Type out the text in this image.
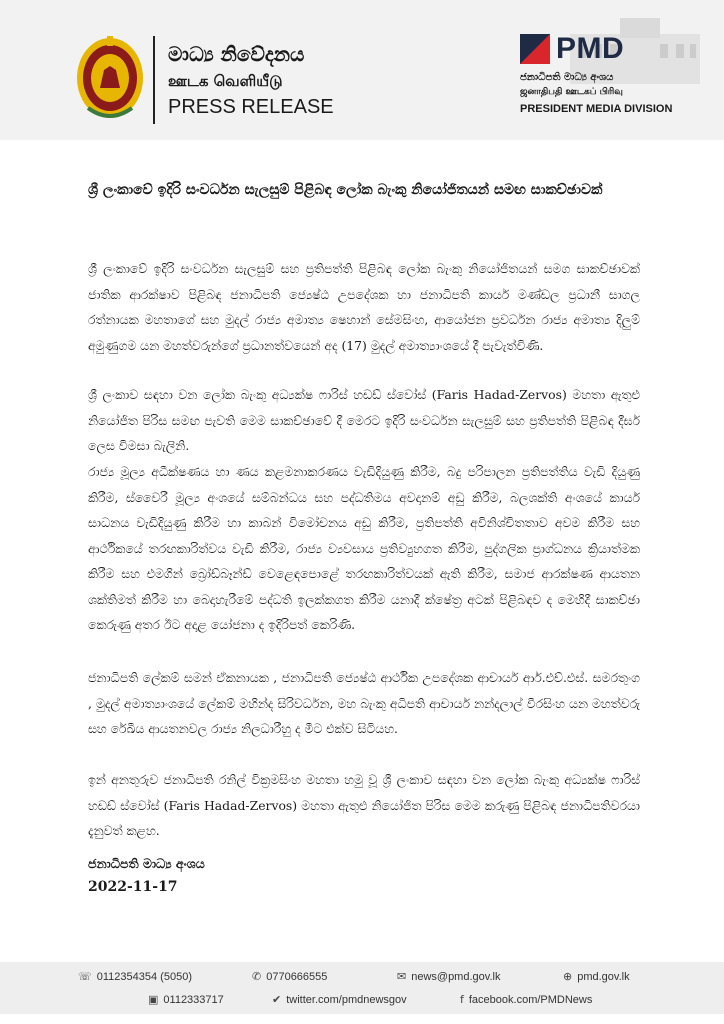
මාධ්‍ය නිවේදනය
ஊடக வெளியீடு
PRESS RELEASE
PMD
ජනාධිපති මාධ්‍ය අංශය
ஜனாதிபதி ஊடகப் பிரிவு
PRESIDENT MEDIA DIVISION
ශ්‍රී ලංකාවේ ඉදිරි සංවර්ධන සැලසුම් පිළිබඳ ලෝක බැංකු නියෝජිතයන් සමඟ සාකච්ඡාවක්

ශ්‍රී ලංකාවේ ඉදිරි සංවර්ධන සැලසුම් සහ ප්‍රතිපත්ති පිළිබඳ ලෝක බැංකු නියෝජිතයන් සමග සාකච්ඡාවක් ජාතික ආරක්ෂාව පිළිබඳ ජනාධිපති ජ්‍යෙෂ්ඨ උපදේශක හා ජනාධිපති කාර්ය මණ්ඩල ප්‍රධානී සාගල රත්නායක මහතාගේ සහ මුදල් රාජ්‍ය අමාත්‍ය ෂෙහාන් සේමසිංහ, ආයෝජන ප්‍රවර්ධන රාජ්‍ය අමාත්‍ය දිලුම් අමුණුගම යන මහත්වරුන්ගේ ප්‍රධානත්වයෙන් අද (17) මුදල් අමාත්‍යාංශයේ දී පැවැත්විණි.

ශ්‍රී ලංකාව සඳහා වන ලෝක බැංකු අධ්‍යක්ෂ ෆාරිස් හඩඩ් ස්වෝස් (Faris Hadad-Zervos) මහතා ඇතුළු නියෝජිත පිරිස සමඟ පැවති මෙම සාකච්ඡාවේ දී මෙරට ඉදිරි සංවර්ධන සැලසුම් සහ ප්‍රතිපත්ති පිළිබඳ දීර්ඝ ලෙස විමසා බැලිනි.

රාජ්‍ය මූල්‍ය අධීක්ෂණය හා ණය කළමනාකරණය වැඩිදියුණු කිරීම, බදු පරිපාලන ප්‍රතිපත්තිය වැඩි දියුණු කිරීම, ස්වෛරී මූල්‍ය අංශයේ සම්බන්ධය සහ පද්ධතිමය අවදානම් අඩු කිරීම, බලශක්ති අංශයේ කාර්ය සාධනය වැඩිදියුණු කිරීම හා කාබන් විමෝචනය අඩු කිරීම, ප්‍රතිපත්ති අවිනිශ්චිතතාව අවම කිරීම සහ ආර්ථිකයේ තරඟකාරිත්වය වැඩි කිරීම, රාජ්‍ය ව්‍යවසාය ප්‍රතිව්‍යුහගත කිරීම, පුද්ගලික ප්‍රාග්ධනය ක්‍රියාත්මක කිරීම සහ එමගින් බ්‍රෝඩ්බෑන්ඩ් වෙළෙඳපොළේ තරඟකාරිත්වයක් ඇති කිරීම, සමාජ ආරක්ෂණ ආයතන ශක්තිමත් කිරීම හා බෙදාහැරීමේ පද්ධති ඉලක්කගත කිරීම යනාදී ක්ෂේත්‍ර අටක් පිළිබඳව ද මෙහිදී සාකච්ඡා කෙරුණු අතර ඊට අදාළ යෝජනා ද ඉදිරිපත් කෙරිණි.

ජනාධිපති ලේකම් සමන් ඒකනායක , ජනාධිපති ජ්‍යෙෂ්ඨ ආර්ථික උපදේශක ආචාර්ය ආර්.එච්.එස්. සමරතුංග , මුදල් අමාත්‍යාංශයේ ලේකම් මහින්ද සිරිවර්ධන, මහ බැංකු අධිපති ආචාර්ය නන්දලාල් වීරසිංහ යන මහත්වරු සහ රේඛීය ආයතනවල රාජ්‍ය නිලධාරීහු ද මීට එක්ව සිටියහ.

ඉන් අනතුරුව ජනාධිපති රනිල් වික්‍රමසිංහ මහතා හමු වූ ශ්‍රී ලංකාව සඳහා වන ලෝක බැංකු අධ්‍යක්ෂ ෆාරිස් හඩඩ් ස්වෝස් (Faris Hadad-Zervos) මහතා ඇතුළු නියෝජිත පිරිස මෙම කරුණු පිළිබඳ ජනාධිපතිවරයා දැනුවත් කළහ.

ජනාධිපති මාධ්‍ය අංශය
2022-11-17
☏ 0112354354 (5050)	✆ 0770666555	✉ news@pmd.gov.lk	⊕ pmd.gov.lk
▣ 0112333717	✔ twitter.com/pmdnewsgov	f facebook.com/PMDNews
